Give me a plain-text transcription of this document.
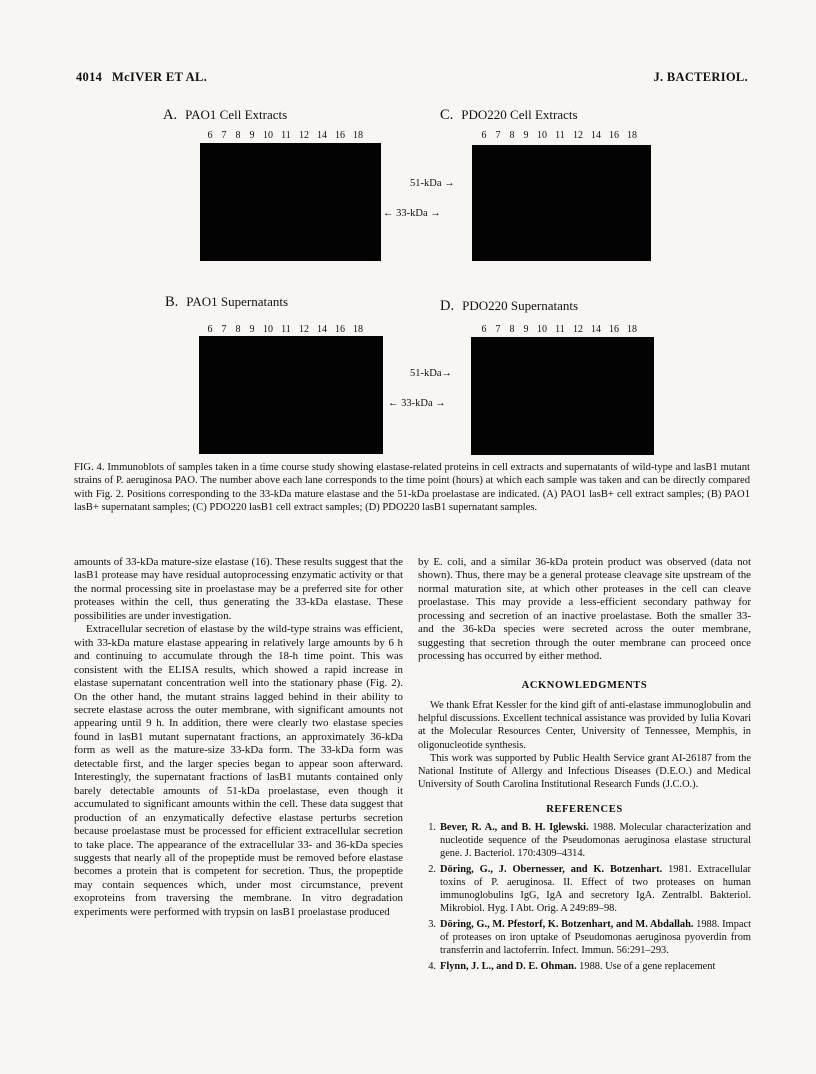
4014 McIVER ET AL.	J. BACTERIOL.
A. PAO1 Cell Extracts
6 7 8 9 10 11 12 14 16 18
C. PDO220 Cell Extracts
6 7 8 9 10 11 12 14 16 18
51-kDa →
← 33-kDa →
B. PAO1 Supernatants
6 7 8 9 10 11 12 14 16 18
D. PDO220 Supernatants
6 7 8 9 10 11 12 14 16 18
51-kDa→
← 33-kDa →
FIG. 4. Immunoblots of samples taken in a time course study showing elastase-related proteins in cell extracts and supernatants of wild-type and lasB1 mutant strains of P. aeruginosa PAO. The number above each lane corresponds to the time point (hours) at which each sample was taken and can be directly compared with Fig. 2. Positions corresponding to the 33-kDa mature elastase and the 51-kDa proelastase are indicated. (A) PAO1 lasB+ cell extract samples; (B) PAO1 lasB+ supernatant samples; (C) PDO220 lasB1 cell extract samples; (D) PDO220 lasB1 supernatant samples.

amounts of 33-kDa mature-size elastase (16). These results suggest that the lasB1 protease may have residual autoprocessing enzymatic activity or that the normal processing site in proelastase may be a preferred site for other proteases within the cell, thus generating the 33-kDa elastase. These possibilities are under investigation.

Extracellular secretion of elastase by the wild-type strains was efficient, with 33-kDa mature elastase appearing in relatively large amounts by 6 h and continuing to accumulate through the 18-h time point. This was consistent with the ELISA results, which showed a rapid increase in elastase supernatant concentration well into the stationary phase (Fig. 2). On the other hand, the mutant strains lagged behind in their ability to secrete elastase across the outer membrane, with significant amounts not appearing until 9 h. In addition, there were clearly two elastase species found in lasB1 mutant supernatant fractions, an approximately 36-kDa form as well as the mature-size 33-kDa form. The 33-kDa form was detectable first, and the larger species began to appear soon afterward. Interestingly, the supernatant fractions of lasB1 mutants contained only barely detectable amounts of 51-kDa proelastase, even though it accumulated to significant amounts within the cell. These data suggest that production of an enzymatically defective elastase perturbs secretion because proelastase must be processed for efficient extracellular secretion to take place. The appearance of the extracellular 33- and 36-kDa species suggests that nearly all of the propeptide must be removed before elastase becomes a protein that is competent for secretion. Thus, the propeptide may contain sequences which, under most circumstance, prevent exoproteins from traversing the membrane. In vitro degradation experiments were performed with trypsin on lasB1 proelastase produced

by E. coli, and a similar 36-kDa protein product was observed (data not shown). Thus, there may be a general protease cleavage site upstream of the normal maturation site, at which other proteases in the cell can cleave proelastase. This may provide a less-efficient secondary pathway for processing and secretion of an inactive proelastase. Both the smaller 33- and the 36-kDa species were secreted across the outer membrane, suggesting that secretion through the outer membrane can proceed once processing has occurred by either method.

ACKNOWLEDGMENTS

We thank Efrat Kessler for the kind gift of anti-elastase immunoglobulin and helpful discussions. Excellent technical assistance was provided by Iulia Kovari at the Molecular Resources Center, University of Tennessee, Memphis, in oligonucleotide synthesis.

This work was supported by Public Health Service grant AI-26187 from the National Institute of Allergy and Infectious Diseases (D.E.O.) and Medical University of South Carolina Institutional Research Funds (J.C.O.).

REFERENCES
1. Bever, R. A., and B. H. Iglewski. 1988. Molecular characterization and nucleotide sequence of the Pseudomonas aeruginosa elastase structural gene. J. Bacteriol. 170:4309–4314.
2. Döring, G., J. Obernesser, and K. Botzenhart. 1981. Extracellular toxins of P. aeruginosa. II. Effect of two proteases on human immunoglobulins IgG, IgA and secretory IgA. Zentralbl. Bakteriol. Mikrobiol. Hyg. I Abt. Orig. A 249:89–98.
3. Döring, G., M. Pfestorf, K. Botzenhart, and M. Abdallah. 1988. Impact of proteases on iron uptake of Pseudomonas aeruginosa pyoverdin from transferrin and lactoferrin. Infect. Immun. 56:291–293.
4. Flynn, J. L., and D. E. Ohman. 1988. Use of a gene replacement
